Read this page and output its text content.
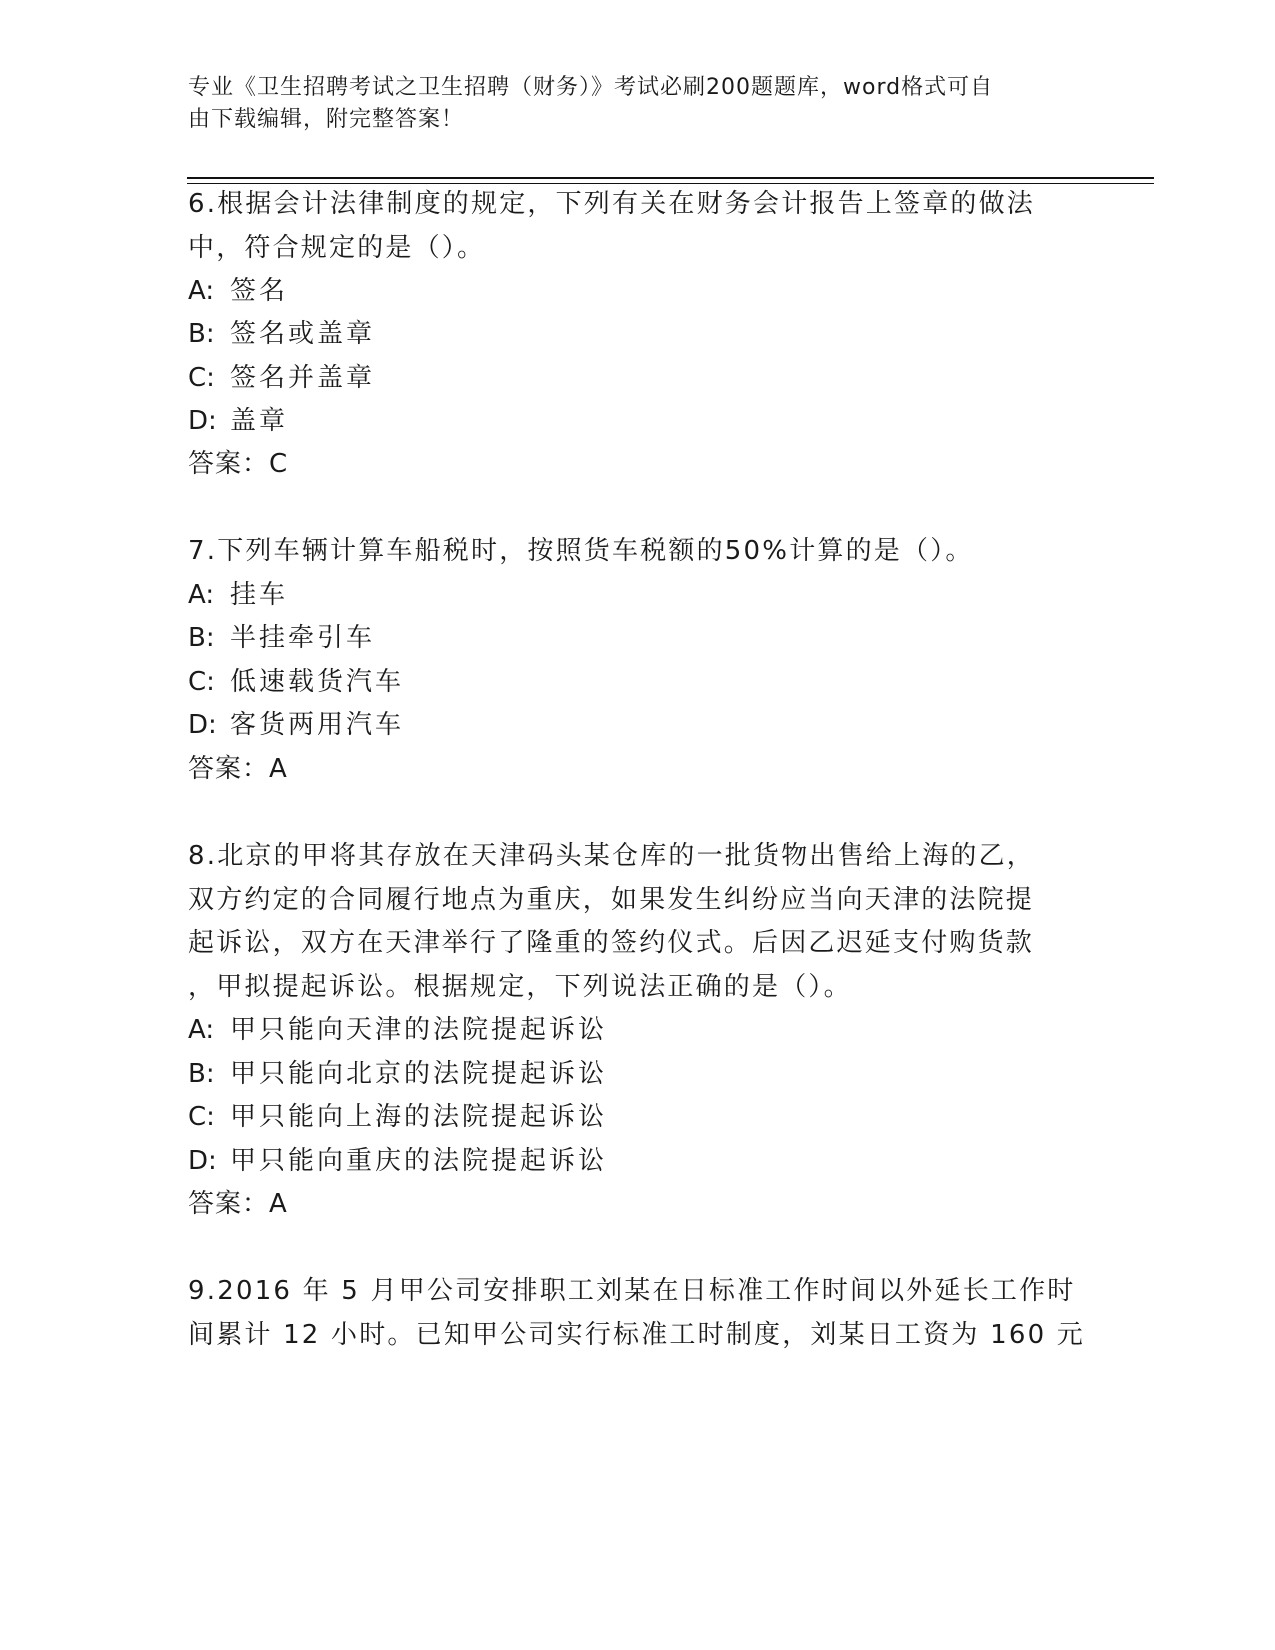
专业《卫生招聘考试之卫生招聘（财务）》考试必刷200题题库，word格式可自
由下载编辑，附完整答案！
6.根据会计法律制度的规定，下列有关在财务会计报告上签章的做法
中，符合规定的是（）。
A: 签名
B: 签名或盖章
C: 签名并盖章
D: 盖章
答案：C
7.下列车辆计算车船税时，按照货车税额的50%计算的是（）。
A: 挂车
B: 半挂牵引车
C: 低速载货汽车
D: 客货两用汽车
答案：A
8.北京的甲将其存放在天津码头某仓库的一批货物出售给上海的乙，
双方约定的合同履行地点为重庆，如果发生纠纷应当向天津的法院提
起诉讼，双方在天津举行了隆重的签约仪式。后因乙迟延支付购货款
，甲拟提起诉讼。根据规定，下列说法正确的是（）。
A: 甲只能向天津的法院提起诉讼
B: 甲只能向北京的法院提起诉讼
C: 甲只能向上海的法院提起诉讼
D: 甲只能向重庆的法院提起诉讼
答案：A
9.2016 年 5 月甲公司安排职工刘某在日标准工作时间以外延长工作时
间累计 12 小时。已知甲公司实行标准工时制度，刘某日工资为 160 元
